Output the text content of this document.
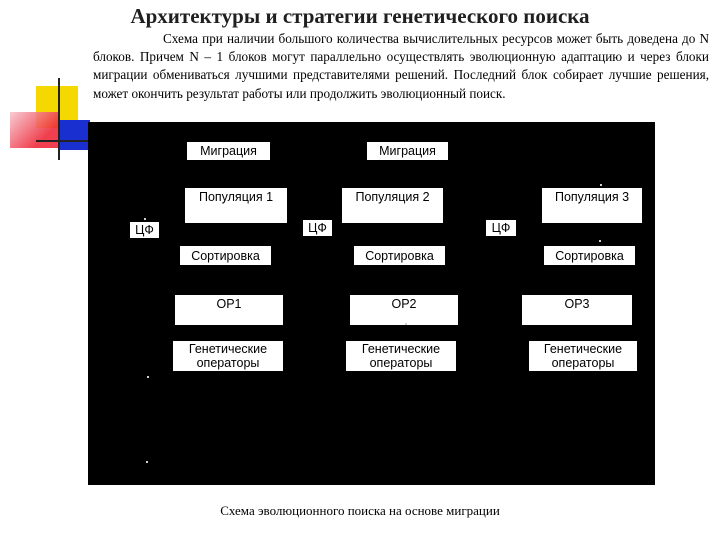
Архитектуры и стратегии генетического поиска
Схема при наличии большого количества вычислительных ресурсов может быть доведена до N блоков. Причем N – 1 блоков могут параллельно осуществлять эволюционную адаптацию и через блоки миграции обмениваться лучшими представителями решений. Последний блок собирает лучшие решения, может окончить результат работы или продолжить эволюционный поиск.
Миграция	Миграция
Популяция 1	Популяция 2	Популяция 3
ЦФ	ЦФ	ЦФ
Сортировка	Сортировка	Сортировка
ОР1	ОР2	ОР3
Генетические
операторы
Генетические
операторы
Генетические
операторы
Схема эволюционного поиска на основе миграции
